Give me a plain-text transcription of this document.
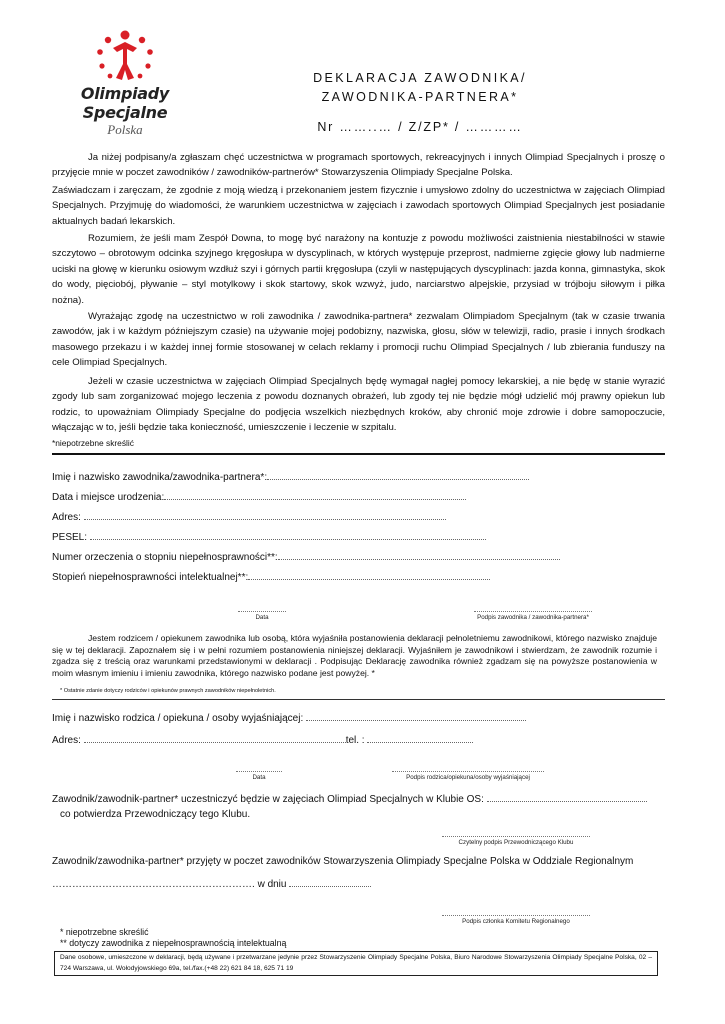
Olimpiady
Specjalne
Polska
DEKLARACJA ZAWODNIKA/
ZAWODNIKA-PARTNERA*
Nr ……..… / Z/ZP* / …………
Ja niżej podpisany/a zgłaszam chęć uczestnictwa w programach sportowych, rekreacyjnych i innych Olimpiad Specjalnych i proszę o przyjęcie mnie w poczet zawodników / zawodników-partnerów* Stowarzyszenia Olimpiady Specjalne Polska.
Zaświadczam i zaręczam, że zgodnie z moją wiedzą i przekonaniem jestem fizycznie i umysłowo zdolny do uczestnictwa w zajęciach Olimpiad Specjalnych. Przyjmuję do wiadomości, że warunkiem uczestnictwa w zajęciach i zawodach sportowych Olimpiad Specjalnych jest posiadanie aktualnych badań lekarskich.
Rozumiem, że jeśli mam Zespół Downa, to mogę być narażony na kontuzje z powodu możliwości zaistnienia niestabilności w stawie szczytowo – obrotowym odcinka szyjnego kręgosłupa w dyscyplinach, w których występuje przeprost, nadmierne zgięcie głowy lub nadmierne uciski na głowę w kierunku osiowym wzdłuż szyi i górnych partii kręgosłupa (czyli w następujących dyscyplinach: jazda konna, gimnastyka, skok do wody, pięciobój, pływanie – styl motylkowy i skok startowy, skok wzwyż, judo, narciarstwo alpejskie, przysiad w trójboju siłowym i piłka nożna).
Wyrażając zgodę na uczestnictwo w roli zawodnika / zawodnika-partnera* zezwalam Olimpiadom Specjalnym (tak w czasie trwania zawodów, jak i w każdym późniejszym czasie) na używanie mojej podobizny, nazwiska, głosu, słów w telewizji, radio, prasie i innych środkach masowego przekazu i w każdej innej formie stosowanej w celach reklamy i promocji ruchu Olimpiad Specjalnych / lub zbierania funduszy na cele Olimpiad Specjalnych.
Jeżeli w czasie uczestnictwa w zajęciach Olimpiad Specjalnych będę wymagał nagłej pomocy lekarskiej, a nie będę w stanie wyrazić zgody lub sam zorganizować mojego leczenia z powodu doznanych obrażeń, lub zgody tej nie będzie mógł udzielić mój prawny opiekun lub rodzic, to upoważniam Olimpiady Specjalne do podjęcia wszelkich niezbędnych kroków, aby chronić moje zdrowie i dobre samopoczucie, włączając w to, jeśli będzie taka konieczność, umieszczenie i leczenie w szpitalu.
*niepotrzebne skreślić
Imię i nazwisko zawodnika/zawodnika-partnera*:
Data i miejsce urodzenia:
Adres:
PESEL:
Numer orzeczenia o stopniu niepełnosprawności**:
Stopień niepełnosprawności intelektualnej**:
Data	Podpis zawodnika / zawodnika-partnera*
Jestem rodzicem / opiekunem zawodnika lub osobą, która wyjaśniła postanowienia deklaracji pełnoletniemu zawodnikowi, którego nazwisko znajduje się w tej deklaracji. Zapoznałem się i w pełni rozumiem postanowienia niniejszej deklaracji. Wyjaśniłem je zawodnikowi i stwierdzam, że zawodnik rozumie i zgadza się z treścią oraz warunkami przedstawionymi w deklaracji . Podpisując Deklarację zawodnika również zgadzam się na powyższe postanowienia w moim własnym imieniu i imieniu zawodnika, którego nazwisko podane jest powyżej. *
* Ostatnie zdanie dotyczy rodziców i opiekunów prawnych zawodników niepełnoletnich.
Imię i nazwisko rodzica / opiekuna / osoby wyjaśniającej:
Adres:	tel. :
Data	Podpis rodzica/opiekuna/osoby wyjaśniającej
Zawodnik/zawodnik-partner* uczestniczyć będzie w zajęciach Olimpiad Specjalnych w Klubie OS:
co potwierdza Przewodniczący tego Klubu.
Czytelny podpis Przewodniczącego Klubu
Zawodnik/zawodnika-partner* przyjęty w poczet zawodników Stowarzyszenia Olimpiady Specjalne Polska w Oddziale Regionalnym
……………………………………………………. w dniu
Podpis członka Komitetu Regionalnego
* niepotrzebne skreślić
** dotyczy zawodnika z niepełnosprawnością intelektualną
Dane osobowe, umieszczone w deklaracji, będą używane i przetwarzane jedynie przez Stowarzyszenie Olimpiady Specjalne Polska, Biuro Narodowe Stowarzyszenia Olimpiady Specjalne Polska, 02 – 724 Warszawa, ul. Wołodyjowskiego 69a, tel./fax.(+48 22) 621 84 18, 625 71 19
